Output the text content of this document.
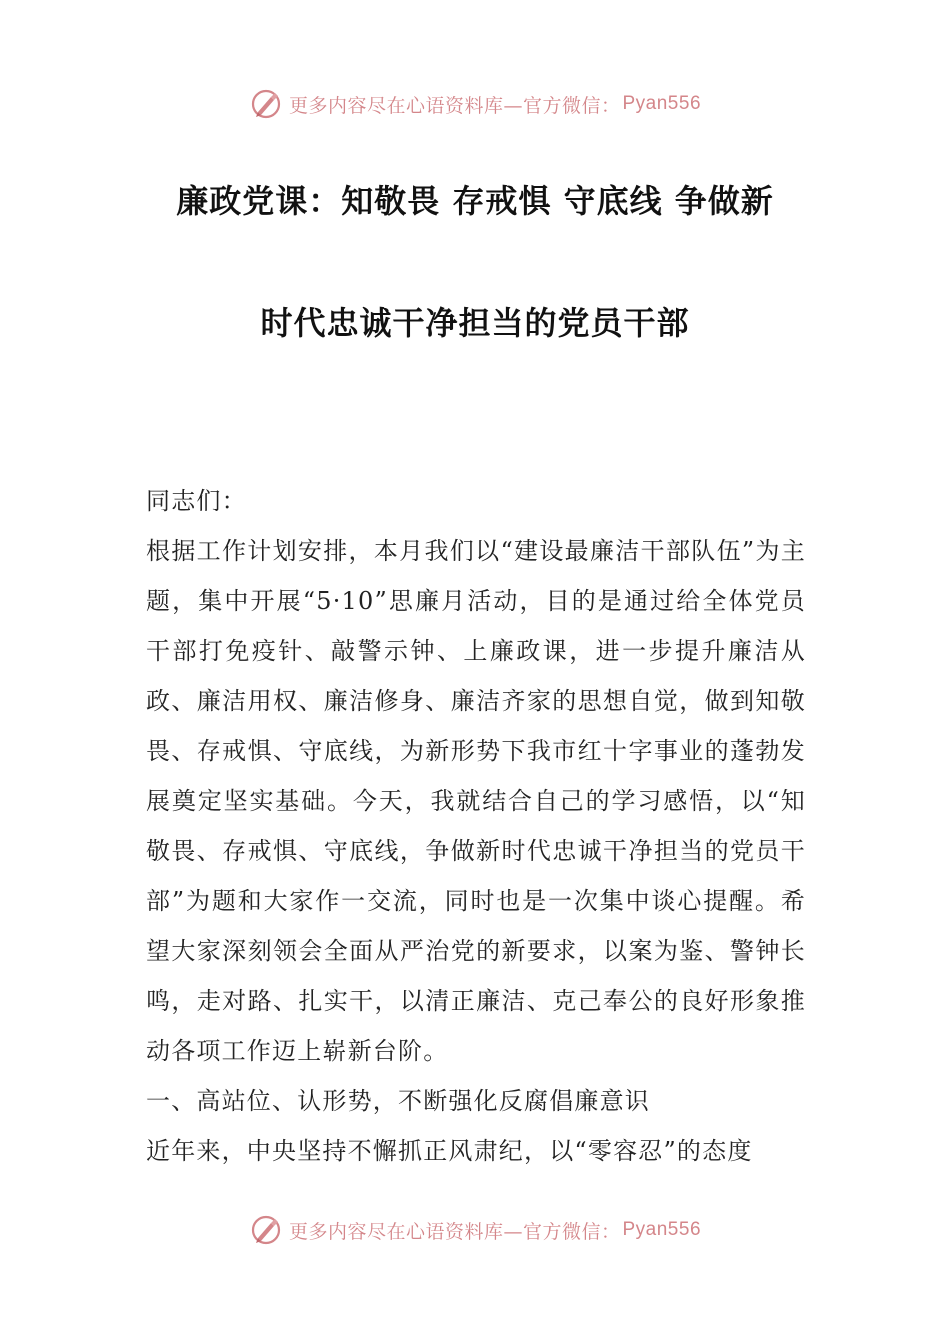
更多内容尽在心语资料库—官方微信： Pyan556
廉政党课：知敬畏 存戒惧 守底线 争做新
时代忠诚干净担当的党员干部

同志们：

根据工作计划安排，本月我们以“建设最廉洁干部队伍”为主题，集中开展“5·10”思廉月活动，目的是通过给全体党员干部打免疫针、敲警示钟、上廉政课，进一步提升廉洁从政、廉洁用权、廉洁修身、廉洁齐家的思想自觉，做到知敬畏、存戒惧、守底线，为新形势下我市红十字事业的蓬勃发展奠定坚实基础。今天，我就结合自己的学习感悟，以“知敬畏、存戒惧、守底线，争做新时代忠诚干净担当的党员干部”为题和大家作一交流，同时也是一次集中谈心提醒。希望大家深刻领会全面从严治党的新要求，以案为鉴、警钟长鸣，走对路、扎实干，以清正廉洁、克己奉公的良好形象推动各项工作迈上崭新台阶。

一、高站位、认形势，不断强化反腐倡廉意识

近年来，中央坚持不懈抓正风肃纪，以“零容忍”的态度

更多内容尽在心语资料库—官方微信： Pyan556
